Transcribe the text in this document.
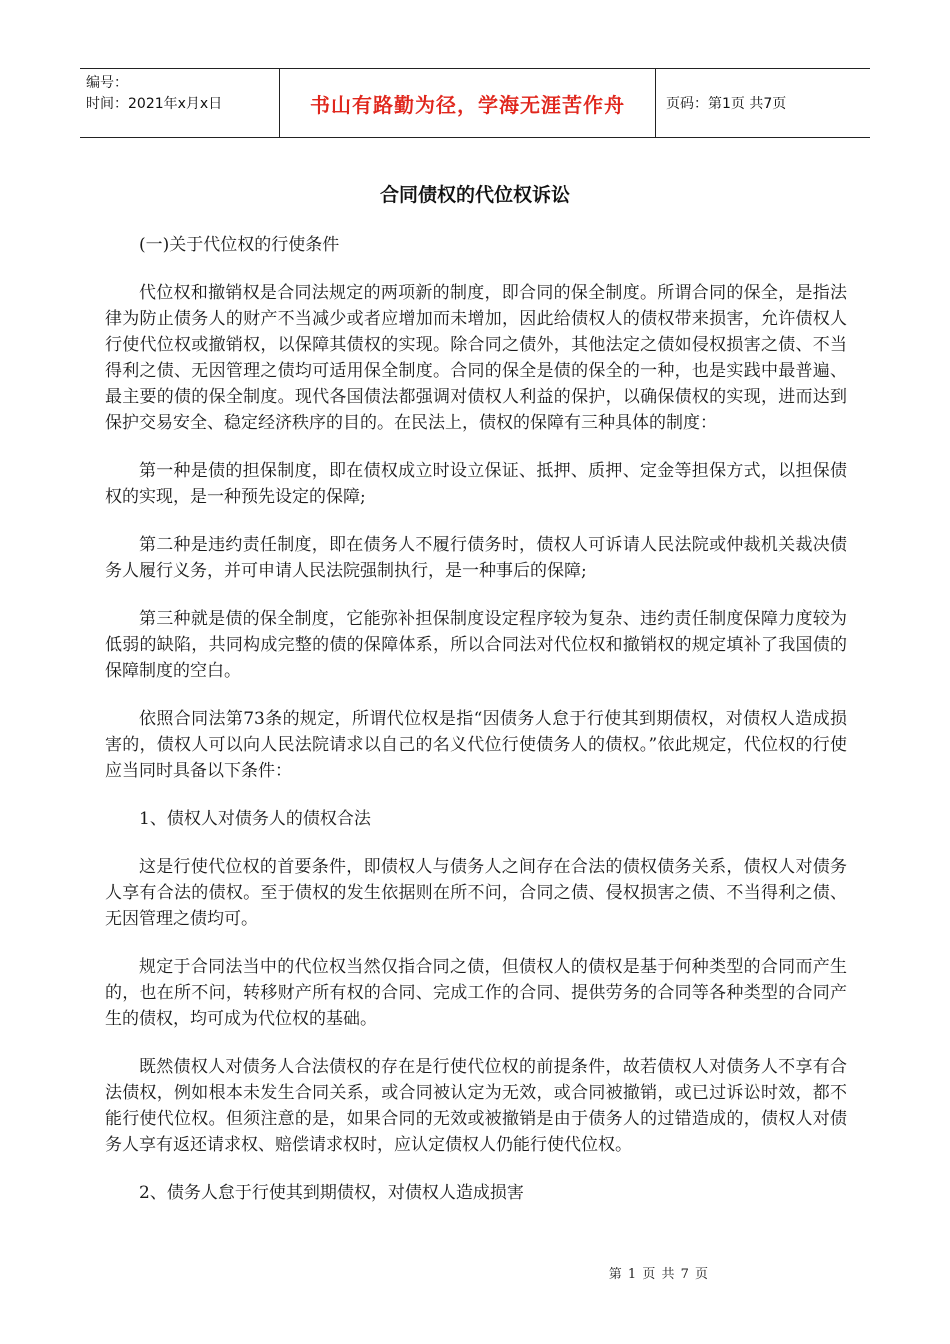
编号：
时间：2021年x月x日	书山有路勤为径，学海无涯苦作舟	页码：第1页 共7页
合同债权的代位权诉讼

(一)关于代位权的行使条件

代位权和撤销权是合同法规定的两项新的制度，即合同的保全制度。所谓合同的保全，是指法律为防止债务人的财产不当减少或者应增加而未增加，因此给债权人的债权带来损害，允许债权人行使代位权或撤销权，以保障其债权的实现。除合同之债外，其他法定之债如侵权损害之债、不当得利之债、无因管理之债均可适用保全制度。合同的保全是债的保全的一种，也是实践中最普遍、最主要的债的保全制度。现代各国债法都强调对债权人利益的保护，以确保债权的实现，进而达到保护交易安全、稳定经济秩序的目的。在民法上，债权的保障有三种具体的制度：

第一种是债的担保制度，即在债权成立时设立保证、抵押、质押、定金等担保方式，以担保债权的实现，是一种预先设定的保障;

第二种是违约责任制度，即在债务人不履行债务时，债权人可诉请人民法院或仲裁机关裁决债务人履行义务，并可申请人民法院强制执行，是一种事后的保障;

第三种就是债的保全制度，它能弥补担保制度设定程序较为复杂、违约责任制度保障力度较为低弱的缺陷，共同构成完整的债的保障体系，所以合同法对代位权和撤销权的规定填补了我国债的保障制度的空白。

依照合同法第73条的规定，所谓代位权是指“因债务人怠于行使其到期债权，对债权人造成损害的，债权人可以向人民法院请求以自己的名义代位行使债务人的债权。”依此规定，代位权的行使应当同时具备以下条件：

1、债权人对债务人的债权合法

这是行使代位权的首要条件，即债权人与债务人之间存在合法的债权债务关系，债权人对债务人享有合法的债权。至于债权的发生依据则在所不问，合同之债、侵权损害之债、不当得利之债、无因管理之债均可。

规定于合同法当中的代位权当然仅指合同之债，但债权人的债权是基于何种类型的合同而产生的，也在所不问，转移财产所有权的合同、完成工作的合同、提供劳务的合同等各种类型的合同产生的债权，均可成为代位权的基础。

既然债权人对债务人合法债权的存在是行使代位权的前提条件，故若债权人对债务人不享有合法债权，例如根本未发生合同关系，或合同被认定为无效，或合同被撤销，或已过诉讼时效，都不能行使代位权。但须注意的是，如果合同的无效或被撤销是由于债务人的过错造成的，债权人对债务人享有返还请求权、赔偿请求权时，应认定债权人仍能行使代位权。

2、债务人怠于行使其到期债权，对债权人造成损害

第 1 页 共 7 页
